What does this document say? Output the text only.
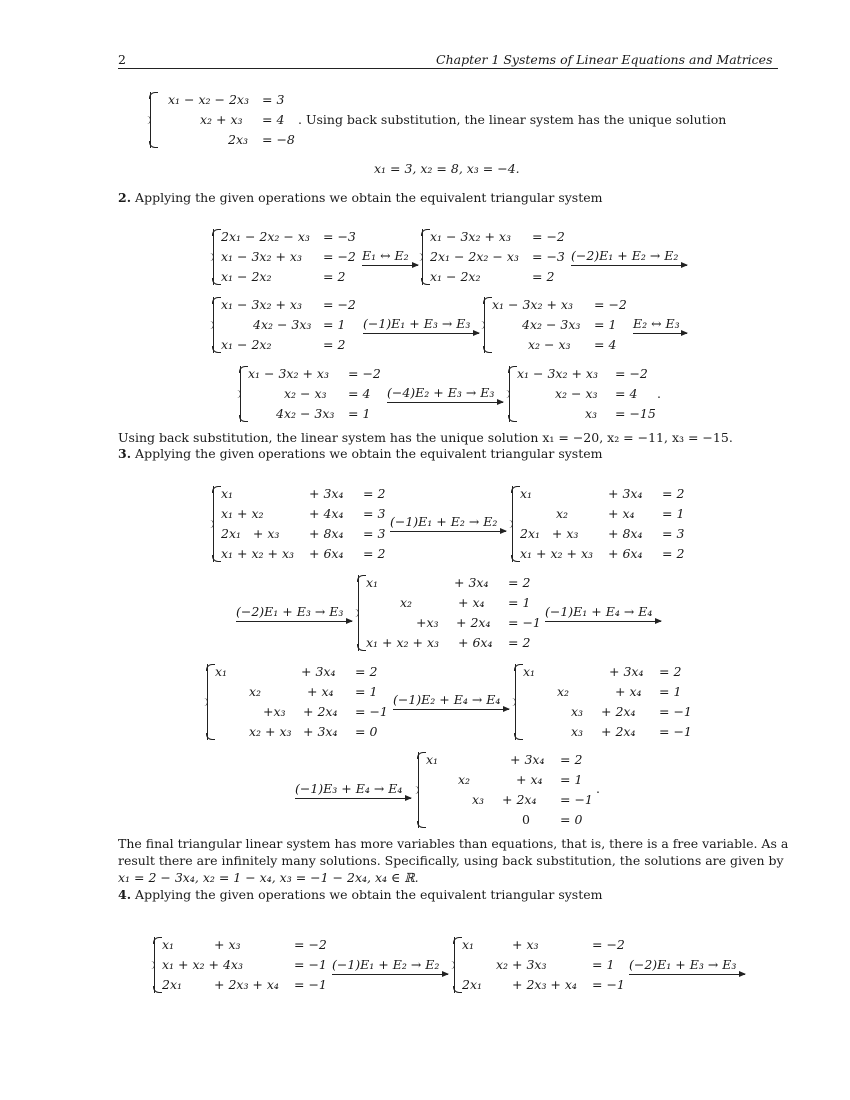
2	Chapter 1 Systems of Linear Equations and Matrices
x₁ − x₂ − 2x₃ = 3
x₂ + x₃ = 4
2x₃ = −8
. Using back substitution, the linear system has the unique solution
x₁ = 3, x₂ = 8, x₃ = −4.
2. Applying the given operations we obtain the equivalent triangular system
2x₁ − 2x₂ − x₃ = −3
x₁ − 3x₂ + x₃ = −2
x₁ − 2x₂	= 2
E₁ ↔ E₂
x₁ − 3x₂ + x₃ = −2
2x₁ − 2x₂ − x₃ = −3
x₁ − 2x₂	= 2
(−2)E₁ + E₂ → E₂
x₁ − 3x₂ + x₃ = −2
4x₂ − 3x₃ = 1
x₁ − 2x₂	= 2
(−1)E₁ + E₃ → E₃
x₁ − 3x₂ + x₃ = −2
4x₂ − 3x₃ = 1
x₂ − x₃ = 4
E₂ ↔ E₃
x₁ − 3x₂ + x₃ = −2
x₂ − x₃ = 4
4x₂ − 3x₃ = 1
(−4)E₂ + E₃ → E₃
x₁ − 3x₂ + x₃ = −2
x₂ − x₃ = 4
x₃ = −15
.
Using back substitution, the linear system has the unique solution x₁ = −20, x₂ = −11, x₃ = −15.
3. Applying the given operations we obtain the equivalent triangular system
x₁	+ 3x₄ = 2
x₁ + x₂	+ 4x₄ = 3
2x₁   + x₃ + 8x₄ = 3
x₁ + x₂ + x₃ + 6x₄ = 2
(−1)E₁ + E₂ → E₂
x₁	+ 3x₄ = 2
x₂	+ x₄ = 1
2x₁   + x₃ + 8x₄ = 3
x₁ + x₂ + x₃ + 6x₄ = 2
(−2)E₁ + E₃ → E₃
x₁	+ 3x₄ = 2
x₂	+ x₄ = 1
+x₃ + 2x₄ = −1
x₁ + x₂ + x₃ + 6x₄ = 2
(−1)E₁ + E₄ → E₄
x₁	+ 3x₄ = 2
x₂	+ x₄ = 1
+x₃ + 2x₄ = −1
x₂ + x₃ + 3x₄ = 0
(−1)E₂ + E₄ → E₄
x₁	+ 3x₄ = 2
x₂	+ x₄ = 1
x₃ + 2x₄ = −1
x₃ + 2x₄ = −1
(−1)E₃ + E₄ → E₄
x₁	+ 3x₄ = 2
x₂	+ x₄ = 1
x₃ + 2x₄ = −1
0 = 0
.
The final triangular linear system has more variables than equations, that is, there is a free variable. As a
result there are infinitely many solutions. Specifically, using back substitution, the solutions are given by
x₁ = 2 − 3x₄, x₂ = 1 − x₄, x₃ = −1 − 2x₄, x₄ ∈ ℝ.
4. Applying the given operations we obtain the equivalent triangular system
x₁	+ x₃	= −2
x₁ + x₂ + 4x₃	= −1
2x₁	+ 2x₃ + x₄ = −1
(−1)E₁ + E₂ → E₂
x₁	+ x₃	= −2
x₂ + 3x₃	= 1
2x₁ + 2x₃ + x₄ = −1
(−2)E₁ + E₃ → E₃
